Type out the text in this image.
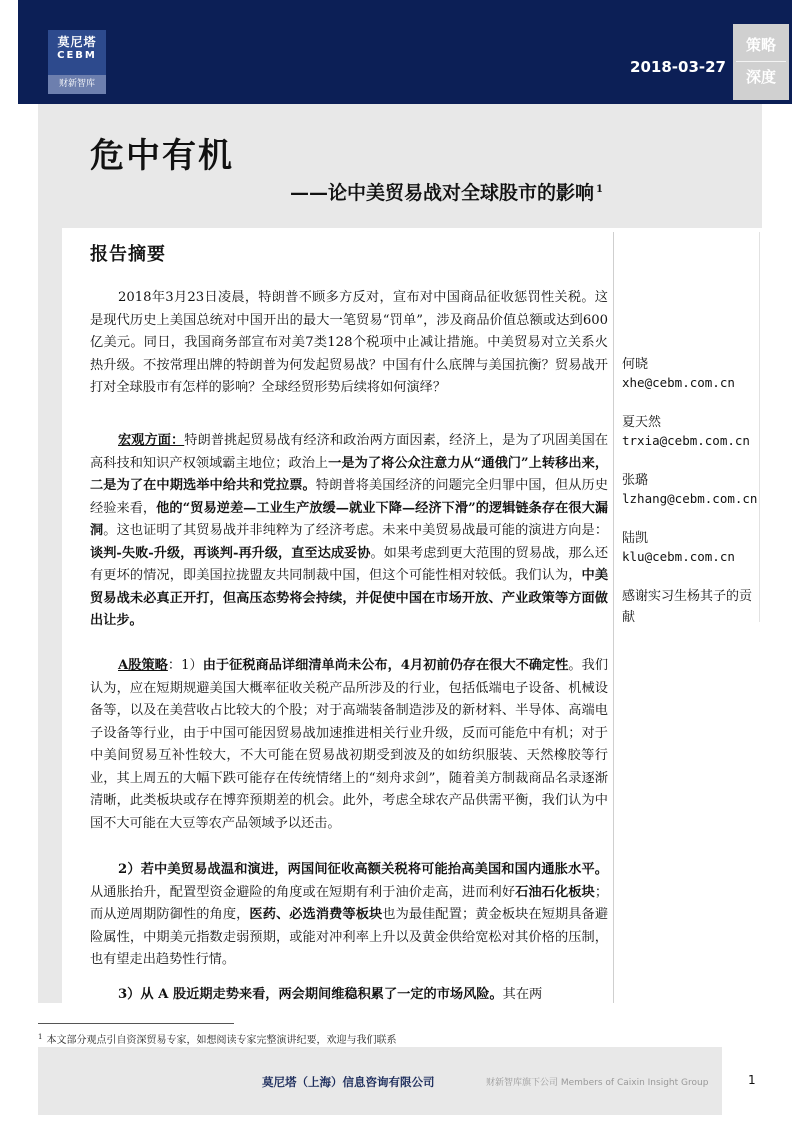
莫尼塔
CEBM
财新智库
2018-03-27
策略
深度
危中有机
——论中美贸易战对全球股市的影响 $^1$
报告摘要
2018年3月23日凌晨，特朗普不顾多方反对，宣布对中国商品征收惩罚性关税。这是现代历史上美国总统对中国开出的最大一笔贸易“罚单”，涉及商品价值总额或达到600亿美元。同日，我国商务部宣布对美7类128个税项中止减让措施。中美贸易对立关系火热升级。不按常理出牌的特朗普为何发起贸易战？中国有什么底牌与美国抗衡？贸易战开打对全球股市有怎样的影响？全球经贸形势后续将如何演绎？
宏观方面：特朗普挑起贸易战有经济和政治两方面因素，经济上，是为了巩固美国在高科技和知识产权领域霸主地位；政治上一是为了将公众注意力从“通俄门”上转移出来，二是为了在中期选举中给共和党拉票。特朗普将美国经济的问题完全归罪中国，但从历史经验来看，他的“贸易逆差—工业生产放缓—就业下降—经济下滑”的逻辑链条存在很大漏洞。这也证明了其贸易战并非纯粹为了经济考虑。未来中美贸易战最可能的演进方向是：谈判-失败-升级，再谈判-再升级，直至达成妥协。如果考虑到更大范围的贸易战，那么还有更坏的情况，即美国拉拢盟友共同制裁中国，但这个可能性相对较低。我们认为，中美贸易战未必真正开打，但高压态势将会持续，并促使中国在市场开放、产业政策等方面做出让步。
A股策略：1）由于征税商品详细清单尚未公布，4月初前仍存在很大不确定性。我们认为，应在短期规避美国大概率征收关税产品所涉及的行业，包括低端电子设备、机械设备等，以及在美营收占比较大的个股；对于高端装备制造涉及的新材料、半导体、高端电子设备等行业，由于中国可能因贸易战加速推进相关行业升级，反而可能危中有机；对于中美间贸易互补性较大，不大可能在贸易战初期受到波及的如纺织服装、天然橡胶等行业，其上周五的大幅下跌可能存在传统情绪上的“刻舟求剑”，随着美方制裁商品名录逐渐清晰，此类板块或存在博弈预期差的机会。此外，考虑全球农产品供需平衡，我们认为中国不大可能在大豆等农产品领域予以还击。
2）若中美贸易战温和演进，两国间征收高额关税将可能抬高美国和国内通胀水平。从通胀抬升，配置型资金避险的角度或在短期有利于油价走高，进而利好石油石化板块；而从逆周期防御性的角度，医药、必选消费等板块也为最佳配置；黄金板块在短期具备避险属性，中期美元指数走弱预期，或能对冲利率上升以及黄金供给宽松对其价格的压制，也有望走出趋势性行情。
3）从 A 股近期走势来看，两会期间维稳积累了一定的市场风险。其在两
何晓
xhe@cebm.com.cn
夏天然
trxia@cebm.com.cn
张璐
lzhang@cebm.com.cn
陆凯
klu@cebm.com.cn
感谢实习生杨其子的贡献
$^1$ 本文部分观点引自资深贸易专家，如想阅读专家完整演讲纪要，欢迎与我们联系
莫尼塔（上海）信息咨询有限公司	财新智库旗下公司 Members of Caixin Insight Group	1
